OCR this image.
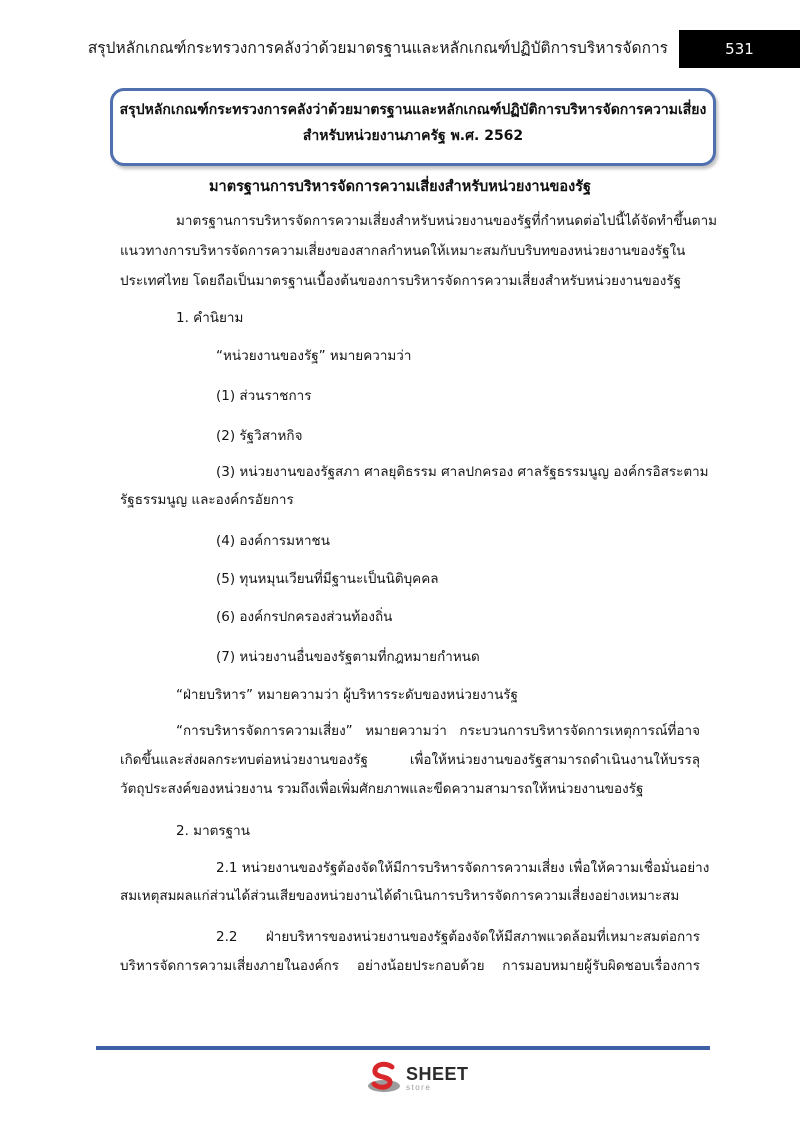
สรุปหลักเกณฑ์กระทรวงการคลังว่าด้วยมาตรฐานและหลักเกณฑ์ปฏิบัติการบริหารจัดการ	531
สรุปหลักเกณฑ์กระทรวงการคลังว่าด้วยมาตรฐานและหลักเกณฑ์ปฏิบัติการบริหารจัดการความเสี่ยง
สำหรับหน่วยงานภาครัฐ พ.ศ. 2562
มาตรฐานการบริหารจัดการความเสี่ยงสำหรับหน่วยงานของรัฐ
มาตรฐานการบริหารจัดการความเสี่ยงสำหรับหน่วยงานของรัฐที่กำหนดต่อไปนี้ได้จัดทำขึ้นตาม
แนวทางการบริหารจัดการความเสี่ยงของสากลกำหนดให้เหมาะสมกับบริบทของหน่วยงานของรัฐใน
ประเทศไทย โดยถือเป็นมาตรฐานเบื้องต้นของการบริหารจัดการความเสี่ยงสำหรับหน่วยงานของรัฐ
1. คำนิยาม
“หน่วยงานของรัฐ” หมายความว่า
(1) ส่วนราชการ
(2) รัฐวิสาหกิจ
(3) หน่วยงานของรัฐสภา ศาลยุติธรรม ศาลปกครอง ศาลรัฐธรรมนูญ องค์กรอิสระตาม
รัฐธรรมนูญ และองค์กรอัยการ
(4) องค์การมหาชน
(5) ทุนหมุนเวียนที่มีฐานะเป็นนิติบุคคล
(6) องค์กรปกครองส่วนท้องถิ่น
(7) หน่วยงานอื่นของรัฐตามที่กฎหมายกำหนด
“ฝ่ายบริหาร” หมายความว่า ผู้บริหารระดับของหน่วยงานรัฐ
“การบริหารจัดการความเสี่ยง” หมายความว่า กระบวนการบริหารจัดการเหตุการณ์ที่อาจ
เกิดขึ้นและส่งผลกระทบต่อหน่วยงานของรัฐ เพื่อให้หน่วยงานของรัฐสามารถดำเนินงานให้บรรลุ
วัตถุประสงค์ของหน่วยงาน รวมถึงเพื่อเพิ่มศักยภาพและขีดความสามารถให้หน่วยงานของรัฐ
2. มาตรฐาน
2.1 หน่วยงานของรัฐต้องจัดให้มีการบริหารจัดการความเสี่ยง เพื่อให้ความเชื่อมั่นอย่าง
สมเหตุสมผลแก่ส่วนได้ส่วนเสียของหน่วยงานได้ดำเนินการบริหารจัดการความเสี่ยงอย่างเหมาะสม
2.2 ฝ่ายบริหารของหน่วยงานของรัฐต้องจัดให้มีสภาพแวดล้อมที่เหมาะสมต่อการ
บริหารจัดการความเสี่ยงภายในองค์กร อย่างน้อยประกอบด้วย การมอบหมายผู้รับผิดชอบเรื่องการ
SHEET
store
